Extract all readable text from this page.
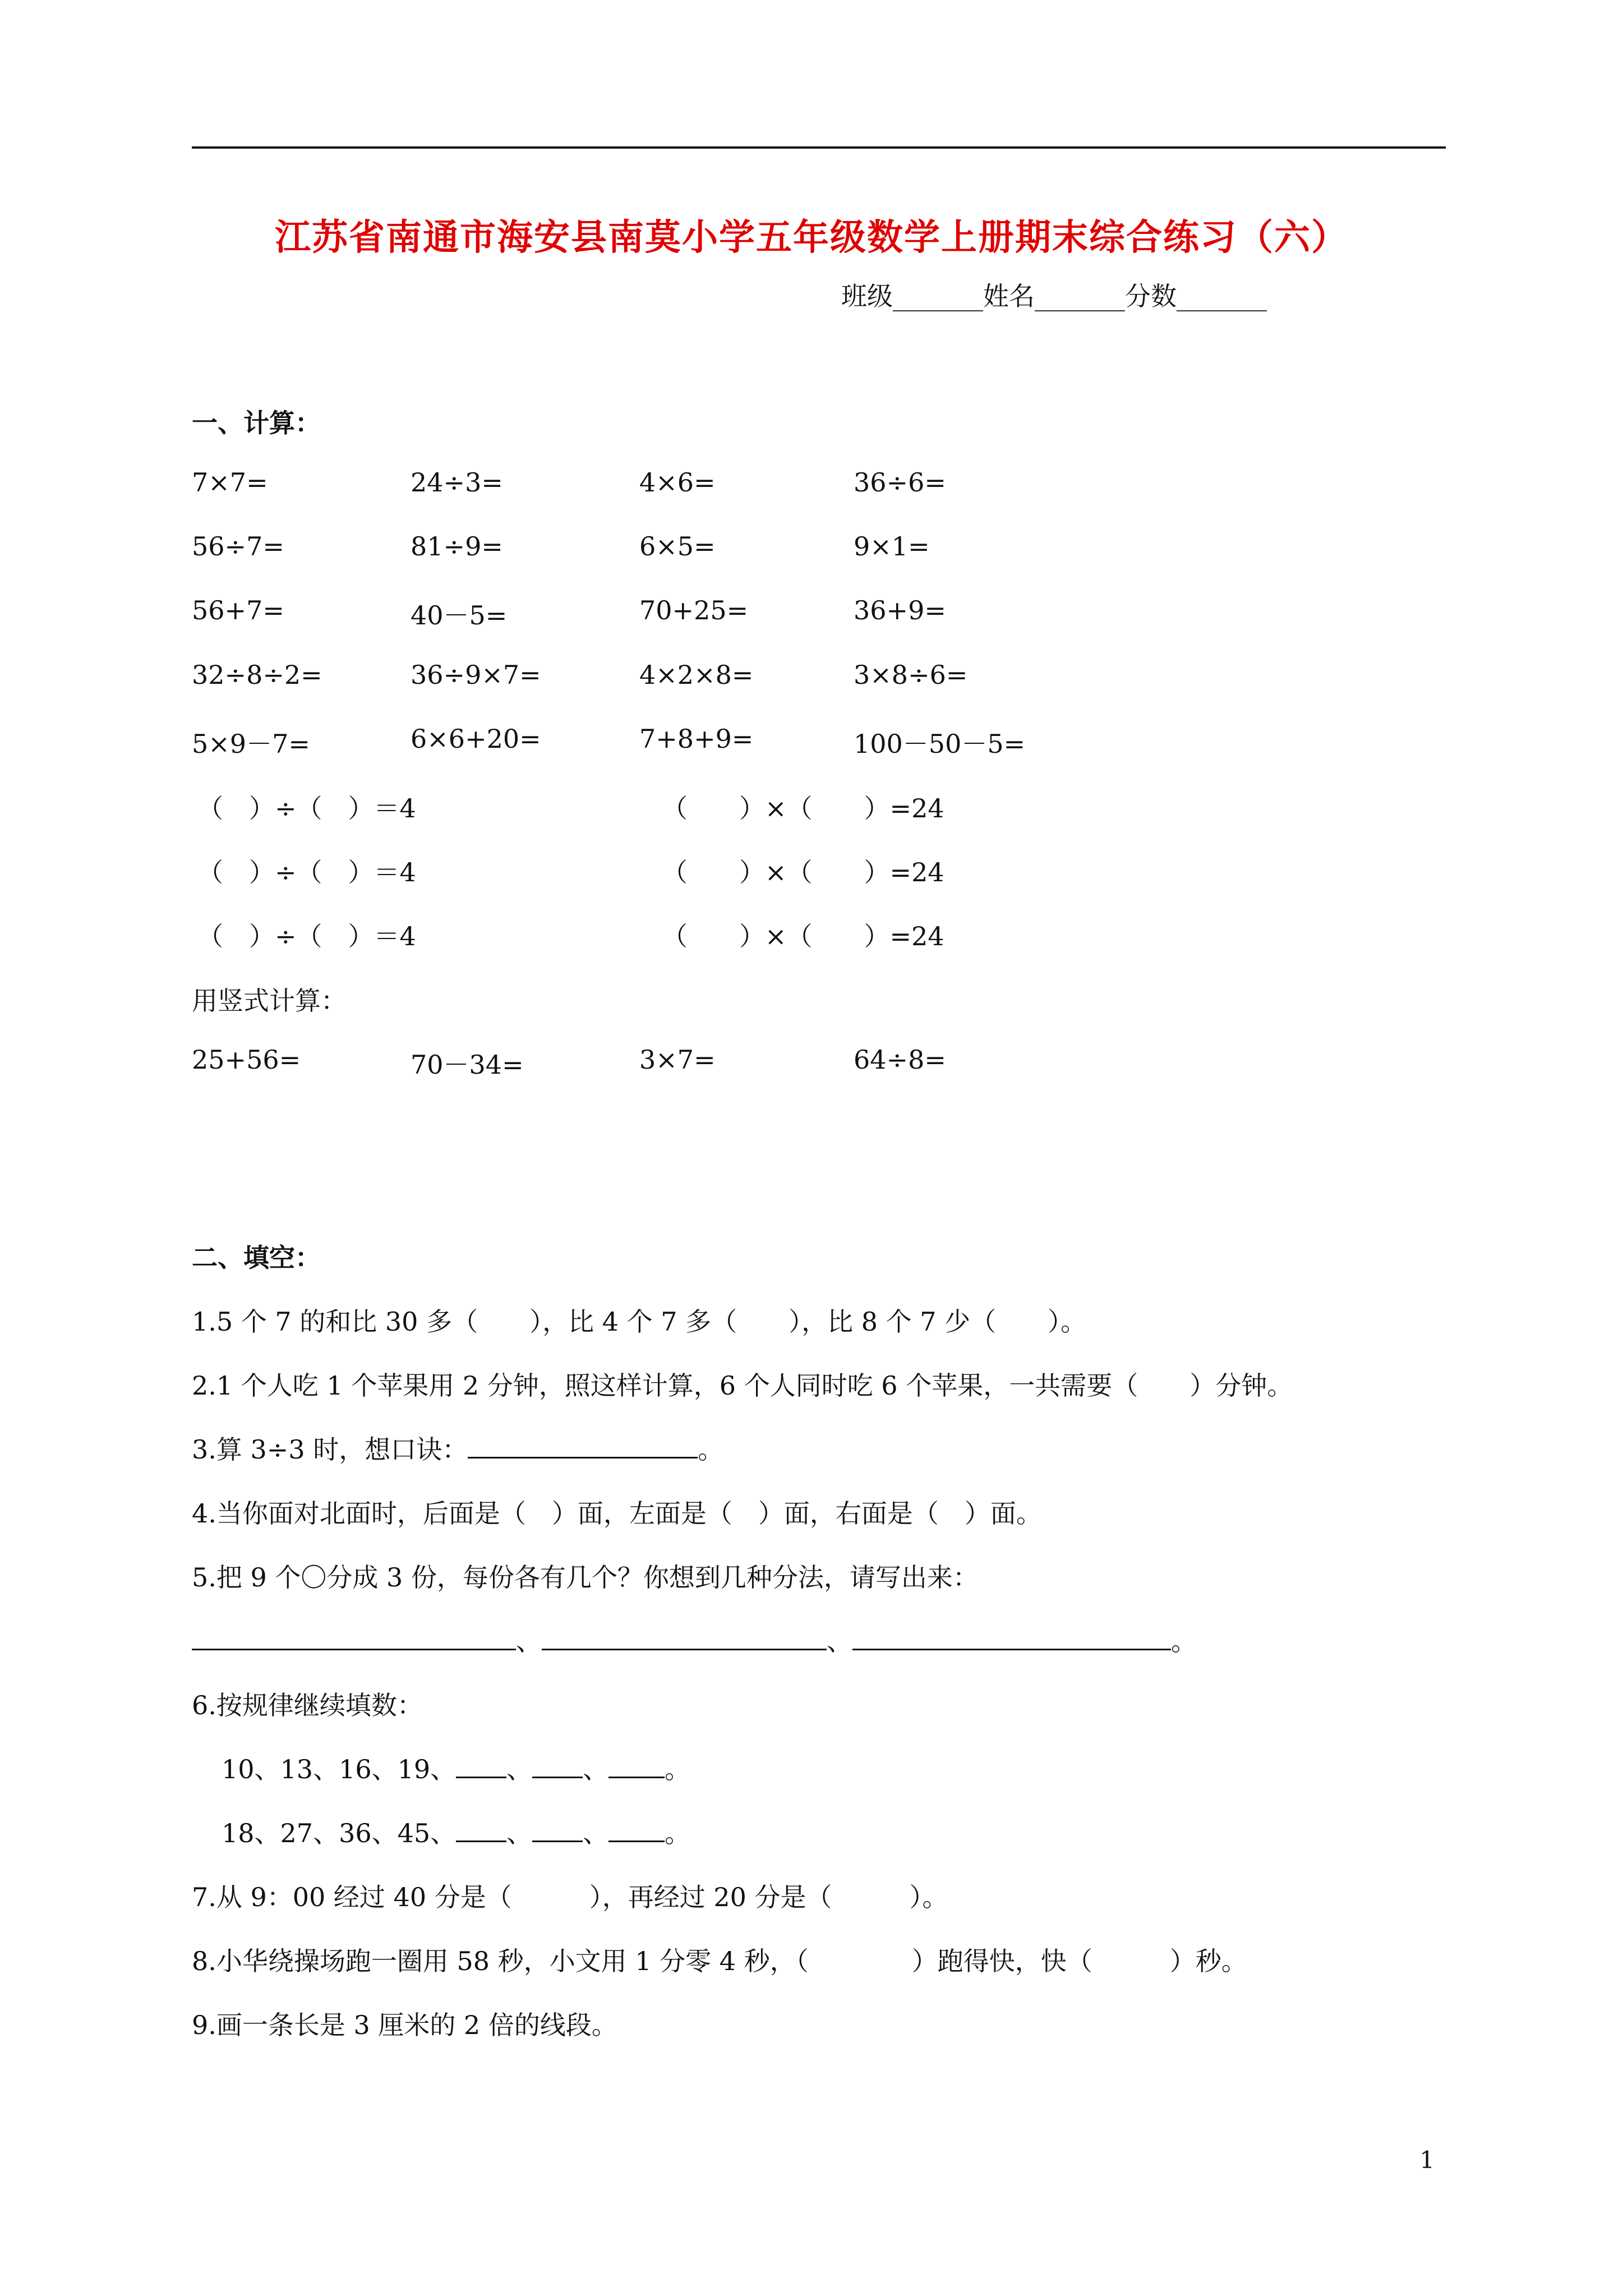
江苏省南通市海安县南莫小学五年级数学上册期末综合练习（六）
班级_______姓名_______分数_______
一、计算：
7×7=	24÷3=	4×6=	36÷6=
56÷7=	81÷9=	6×5=	9×1=
56+7=	40－5=	70+25=	36+9=
32÷8÷2=	36÷9×7=	4×2×8=	3×8÷6=
5×9－7=	6×6+20=	7+8+9=	100－50－5=
（　）÷（　）＝4	（　　）×（　　）=24
（　）÷（　）＝4	（　　）×（　　）=24
（　）÷（　）＝4	（　　）×（　　）=24
用竖式计算：
25+56=	70－34=	3×7=	64÷8=
二、填空：
1.5 个 7 的和比 30 多（　　），比 4 个 7 多（　　），比 8 个 7 少（　　）。
2.1 个人吃 1 个苹果用 2 分钟，照这样计算，6 个人同时吃 6 个苹果，一共需要（　　）分钟。
3.算 3÷3 时，想口诀：	。
4.当你面对北面时，后面是（　）面，左面是（　）面，右面是（　）面。
5.把 9 个〇分成 3 份，每份各有几个？你想到几种分法，请写出来：
、	、	。
6.按规律继续填数：
10、13、16、19、 、 、 。
18、27、36、45、 、 、 。
7.从 9：00 经过 40 分是（　　　），再经过 20 分是（　　　）。
8.小华绕操场跑一圈用 58 秒，小文用 1 分零 4 秒，（　　　　）跑得快，快（　　　）秒。
9.画一条长是 3 厘米的 2 倍的线段。
1
